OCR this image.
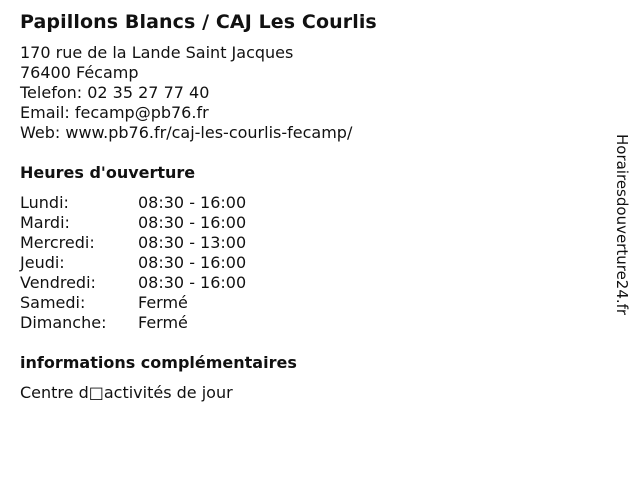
Papillons Blancs / CAJ Les Courlis
170 rue de la Lande Saint Jacques
76400 Fécamp
Telefon: 02 35 27 77 40
Email: fecamp@pb76.fr
Web: www.pb76.fr/caj-les-courlis-fecamp/
Heures d'ouverture
Lundi:	08:30 - 16:00
Mardi:	08:30 - 16:00
Mercredi:	08:30 - 13:00
Jeudi:	08:30 - 16:00
Vendredi:	08:30 - 16:00
Samedi:	Fermé
Dimanche:	Fermé
informations complémentaires
Centre d□activités de jour
Horairesdouverture24.fr
